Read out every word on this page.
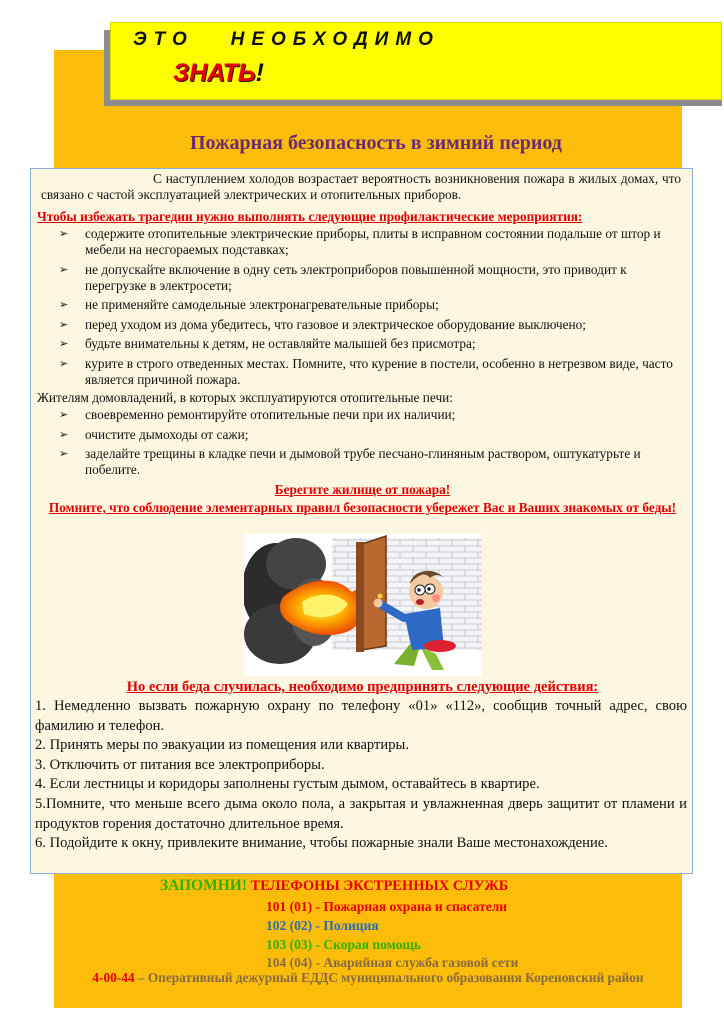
ЭТО   НЕОБХОДИМО
ЗНАТЬ!
Пожарная безопасность в зимний период
С наступлением холодов возрастает вероятность возникновения пожара в жилых домах, что связано с частой эксплуатацией электрических и отопительных приборов.
Чтобы избежать трагедии нужно выполнять следующие профилактические мероприятия:
➢ содержите отопительные электрические приборы, плиты в исправном состоянии подальше от штор и мебели на несгораемых подставках;
➢ не допускайте включение в одну сеть электроприборов повышенной мощности, это приводит к перегрузке в электросети;
➢ не применяйте самодельные электронагревательные приборы;
➢ перед уходом из дома убедитесь, что газовое и электрическое оборудование выключено;
➢ будьте внимательны к детям, не оставляйте малышей без присмотра;
➢ курите в строго отведенных местах. Помните, что курение в постели, особенно в нетрезвом виде, часто является причиной пожара.
Жителям домовладений, в которых эксплуатируются отопительные печи:
➢ своевременно ремонтируйте отопительные печи при их наличии;
➢ очистите дымоходы от сажи;
➢ заделайте трещины в кладке печи и дымовой трубе песчано-глиняным раствором, оштукатурьте и побелите.
Берегите жилище от пожара!
Помните, что соблюдение элементарных правил безопасности убережет Вас и Ваших знакомых от беды!
Но если беда случилась, необходимо предпринять следующие действия:
1. Немедленно вызвать пожарную охрану по телефону «01» «112», сообщив точный адрес, свою фамилию и телефон.
2. Принять меры по эвакуации из помещения или квартиры.
3. Отключить от питания все электроприборы.
4. Если лестницы и коридоры заполнены густым дымом, оставайтесь в квартире.
5.Помните, что меньше всего дыма около пола, а закрытая и увлажненная дверь защитит от пламени и продуктов горения достаточно длительное время.
6. Подойдите к окну, привлеките внимание, чтобы пожарные знали Ваше местонахождение.
ЗАПОМНИ! ТЕЛЕФОНЫ ЭКСТРЕННЫХ СЛУЖБ
101 (01) - Пожарная охрана и спасатели
102 (02) - Полиция
103 (03) - Скорая помощь
104 (04) - Аварийная служба газовой сети
4-00-44 – Оперативный дежурный ЕДДС муниципального образования Кореновский район
